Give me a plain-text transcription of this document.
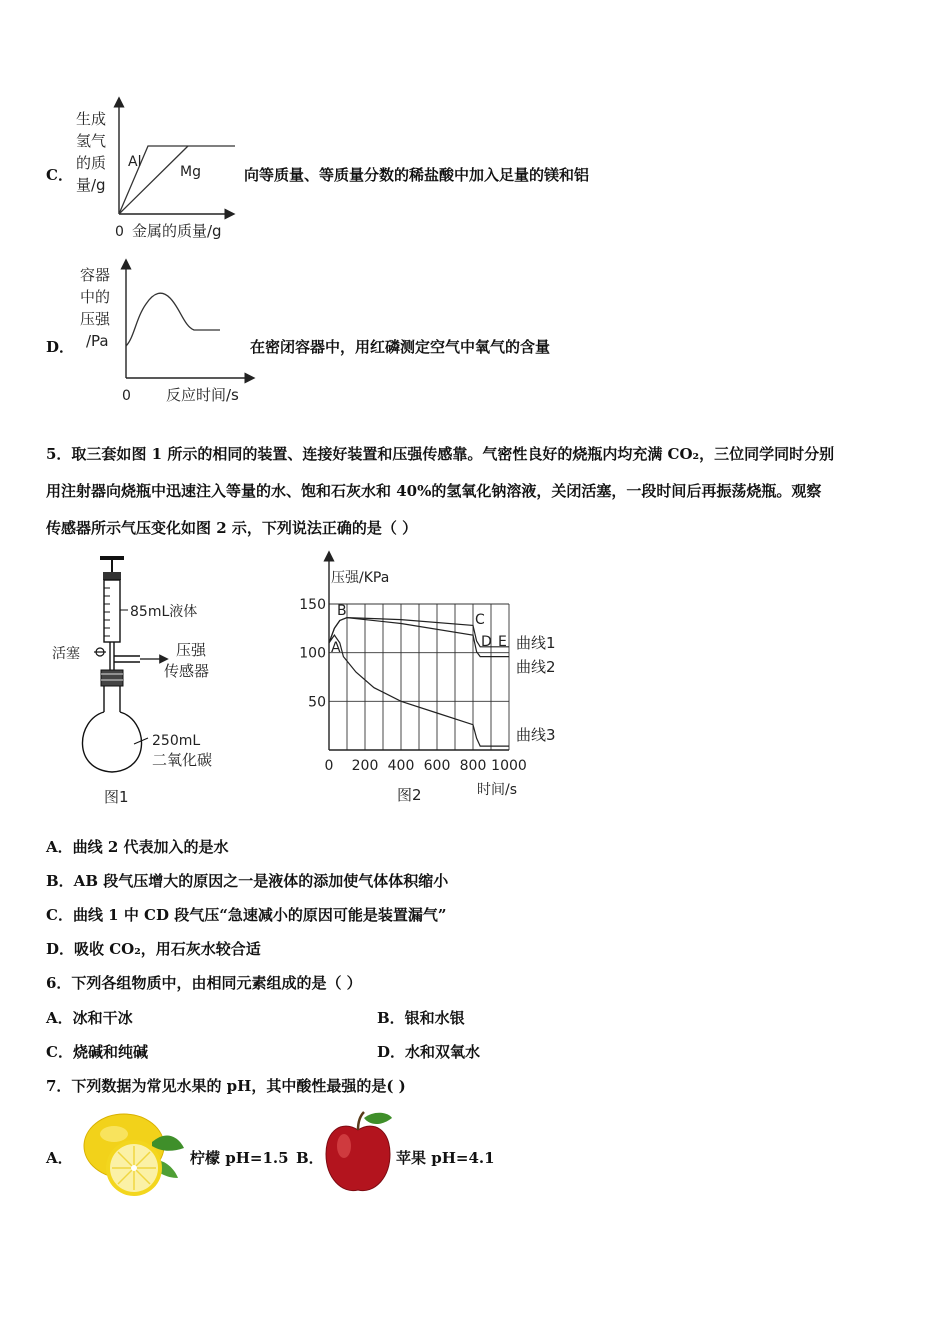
C．
生成
氢气
的质
量/g
Al
Mg
0 金属的质量/g
向等质量、等质量分数的稀盐酸中加入足量的镁和铝
D．
容器
中的
压强
/Pa
0 反应时间/s
在密闭容器中，用红磷测定空气中氧气的含量
5．取三套如图 1 所示的相同的装置、连接好装置和压强传感靠。气密性良好的烧瓶内均充满 CO₂，三位同学同时分别
用注射器向烧瓶中迅速注入等量的水、饱和石灰水和 40%的氢氧化钠溶液，关闭活塞，一段时间后再振荡烧瓶。观察
传感器所示气压变化如图 2 示，下列说法正确的是（ ）
85mL液体
活塞	压强
传感器
250mL
二氧化碳
图1
压强/KPa
50
100
150
0 200 400 600 800 1000
B
A
C
D E 曲线1
曲线2
曲线3
图2	时间/s
A．曲线 2 代表加入的是水
B．AB 段气压增大的原因之一是液体的添加使气体体积缩小
C．曲线 1 中 CD 段气压“急速减小的原因可能是装置漏气”
D．吸收 CO₂，用石灰水较合适
6．下列各组物质中，由相同元素组成的是（ ）
A．冰和干冰	B．银和水银
C．烧碱和纯碱	D．水和双氧水
7．下列数据为常见水果的 pH，其中酸性最强的是( )
A．	柠檬 pH=1.5 B．	苹果 pH=4.1
